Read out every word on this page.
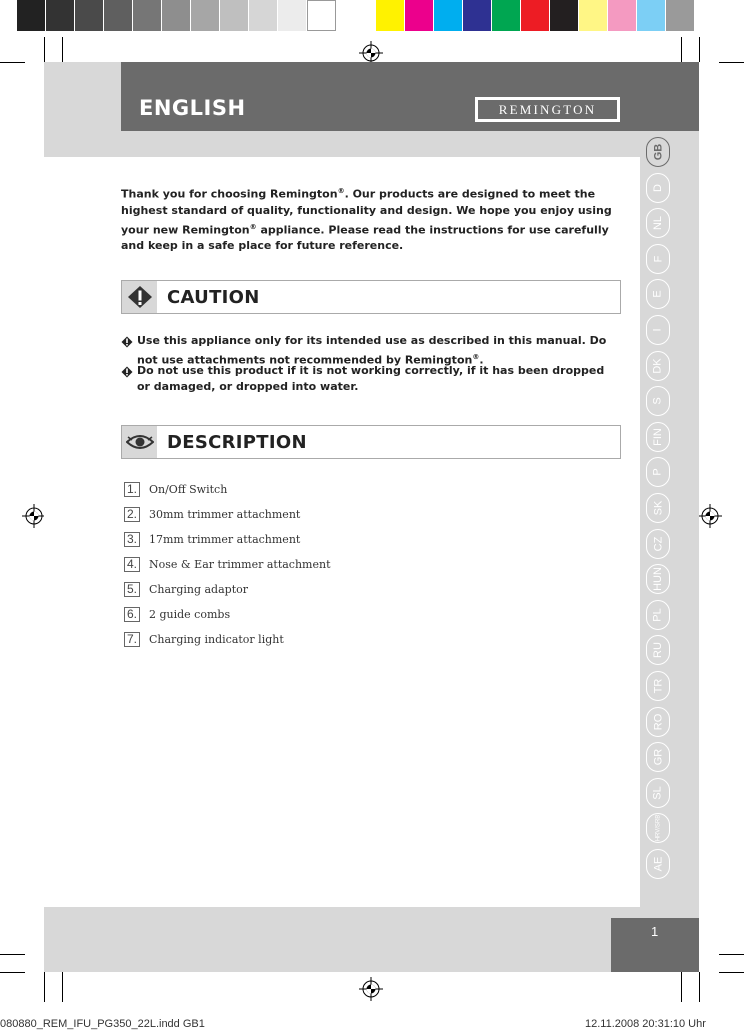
ENGLISH	REMINGTON
GB
D
NL
F
E
I
DK
S
FIN
P
SK
CZ
HUN
PL
RU
TR
RO
GR
SL
HRV/SRB
AE
Thank you for choosing Remington®. Our products are designed to meet the highest standard of quality, functionality and design. We hope you enjoy using your new Remington® appliance. Please read the instructions for use carefully and keep in a safe place for future reference.
CAUTION
Use this appliance only for its intended use as described in this manual. Do not use attachments not recommended by Remington®.
Do not use this product if it is not working correctly, if it has been dropped or damaged, or dropped into water.
DESCRIPTION
1. On/Off Switch
2. 30mm trimmer attachment
3. 17mm trimmer attachment
4. Nose & Ear trimmer attachment
5. Charging adaptor
6. 2 guide combs
7. Charging indicator light
1
080880_REM_IFU_PG350_22L.indd GB1	12.11.2008 20:31:10 Uhr
